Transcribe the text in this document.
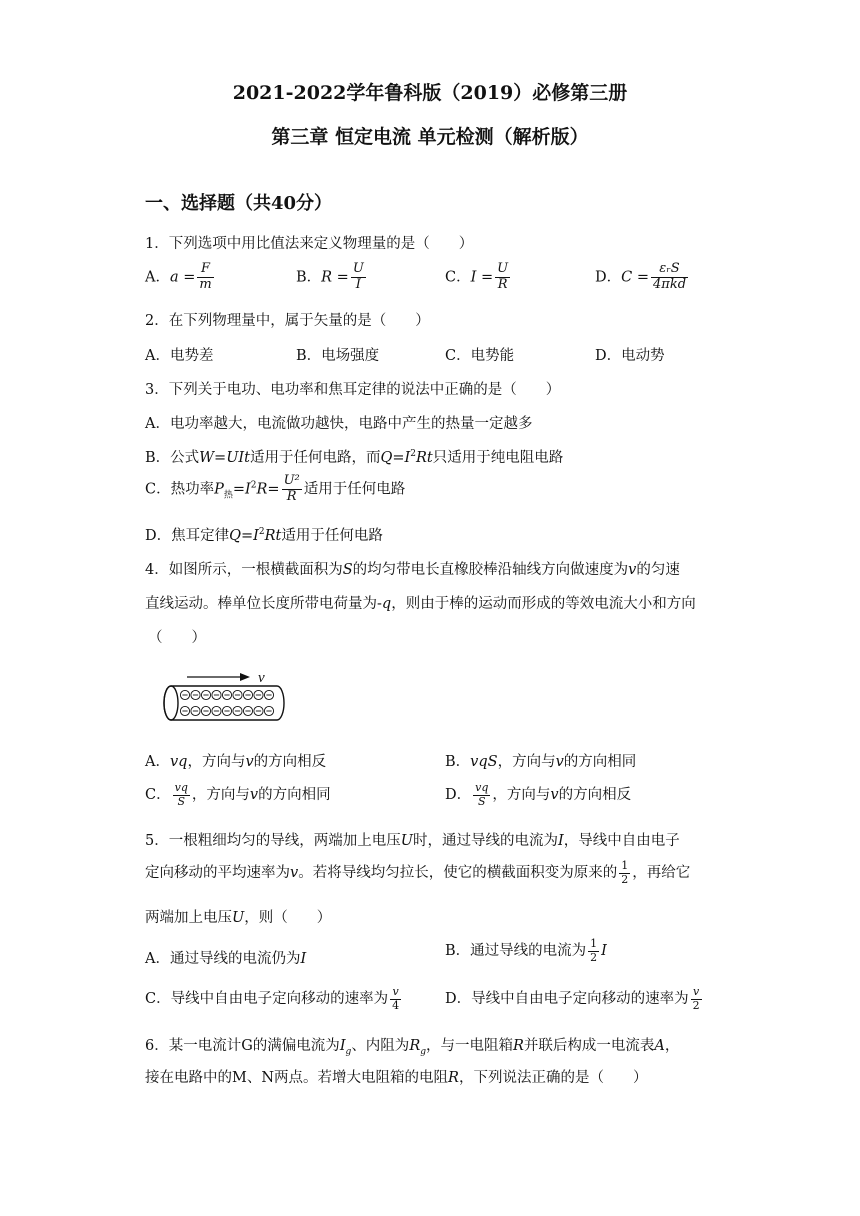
2021-2022学年鲁科版（2019）必修第三册
第三章 恒定电流 单元检测（解析版）
一、选择题（共40分）
1．下列选项中用比值法来定义物理量的是（　　）
A．$a = \frac{F}{m}$	B．$R = \frac{U}{I}$	C．$I = \frac{U}{R}$	D．$C = \frac{\text{εᵣS}}{\text{4πkd}}$
2．在下列物理量中，属于矢量的是（　　）
A．电势差	B．电场强度	C．电势能	D．电动势
3．下列关于电功、电功率和焦耳定律的说法中正确的是（　　）
A．电功率越大，电流做功越快，电路中产生的热量一定越多
B．公式W=UIt适用于任何电路，而$Q=I^2Rt$只适用于纯电阻电路
C．热功率$P_热=I^2R= \frac{\text{U²}}{R}$ 适用于任何电路
D．焦耳定律$Q=I^2Rt$适用于任何电路
4．如图所示，一根横截面积为S的均匀带电长直橡胶棒沿轴线方向做速度为v的匀速
直线运动。棒单位长度所带电荷量为-q，则由于棒的运动而形成的等效电流大小和方向
（　　）
v
A．vq，方向与v的方向相反	B．vqS，方向与v的方向相同
C． $\frac{vq}{S}$ ，方向与v的方向相同	D． $\frac{vq}{S}$ ，方向与v的方向相反
5．一根粗细均匀的导线，两端加上电压U时，通过导线的电流为I，导线中自由电子
定向移动的平均速率为v。若将导线均匀拉长，使它的横截面积变为原来的 $\frac{1}{2}$ ，再给它
两端加上电压U，则（　　）
A．通过导线的电流仍为I	B．通过导线的电流为 $\frac{1}{2}$ I
C．导线中自由电子定向移动的速率为 $\frac{v}{4}$	D．导线中自由电子定向移动的速率为 $\frac{v}{2}$
6．某一电流计G的满偏电流为$I_g$、内阻为$R_g$，与一电阻箱R并联后构成一电流表A，
接在电路中的M、N两点。若增大电阻箱的电阻R，下列说法正确的是（　　）
